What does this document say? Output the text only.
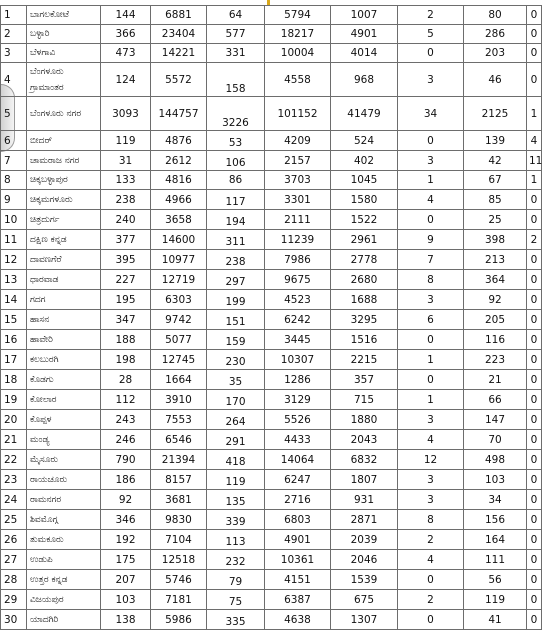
1	ಬಾಗಲಕೋಟೆ	144	6881	64	5794	1007	2	80	0
2	ಬಳ್ಳಾರಿ	366	23404	577	18217	4901	5	286	0
3	ಬೆಳಗಾವಿ	473	14221	331	10004	4014	0	203	0
4	ಬೆಂಗಳೂರು ಗ್ರಾಮಾಂತರ	124	5572	158	4558	968	3	46	0
5	ಬೆಂಗಳೂರು ನಗರ	3093	144757	3226	101152	41479	34	2125	1
6	ಬೀದರ್	119	4876	53	4209	524	0	139	4
7	ಚಾಮರಾಜ ನಗರ	31	2612	106	2157	402	3	42	11
8	ಚಿಕ್ಕಬಳ್ಳಾಪುರ	133	4816	86	3703	1045	1	67	1
9	ಚಿಕ್ಕಮಗಳೂರು	238	4966	117	3301	1580	4	85	0
10	ಚಿತ್ರದುರ್ಗ	240	3658	194	2111	1522	0	25	0
11	ದಕ್ಷಿಣ ಕನ್ನಡ	377	14600	311	11239	2961	9	398	2
12	ದಾವಣಗೆರೆ	395	10977	238	7986	2778	7	213	0
13	ಧಾರವಾಡ	227	12719	297	9675	2680	8	364	0
14	ಗದಗ	195	6303	199	4523	1688	3	92	0
15	ಹಾಸನ	347	9742	151	6242	3295	6	205	0
16	ಹಾವೇರಿ	188	5077	159	3445	1516	0	116	0
17	ಕಲಬುರಗಿ	198	12745	230	10307	2215	1	223	0
18	ಕೊಡಗು	28	1664	35	1286	357	0	21	0
19	ಕೋಲಾರ	112	3910	170	3129	715	1	66	0
20	ಕೊಪ್ಪಳ	243	7553	264	5526	1880	3	147	0
21	ಮಂಡ್ಯ	246	6546	291	4433	2043	4	70	0
22	ಮೈಸೂರು	790	21394	418	14064	6832	12	498	0
23	ರಾಯಚೂರು	186	8157	119	6247	1807	3	103	0
24	ರಾಮನಗರ	92	3681	135	2716	931	3	34	0
25	ಶಿವಮೊಗ್ಗ	346	9830	339	6803	2871	8	156	0
26	ತುಮಕೂರು	192	7104	113	4901	2039	2	164	0
27	ಉಡುಪಿ	175	12518	232	10361	2046	4	111	0
28	ಉತ್ತರ ಕನ್ನಡ	207	5746	79	4151	1539	0	56	0
29	ವಿಜಯಪುರ	103	7181	75	6387	675	2	119	0
30	ಯಾದಗಿರಿ	138	5986	335	4638	1307	0	41	0
